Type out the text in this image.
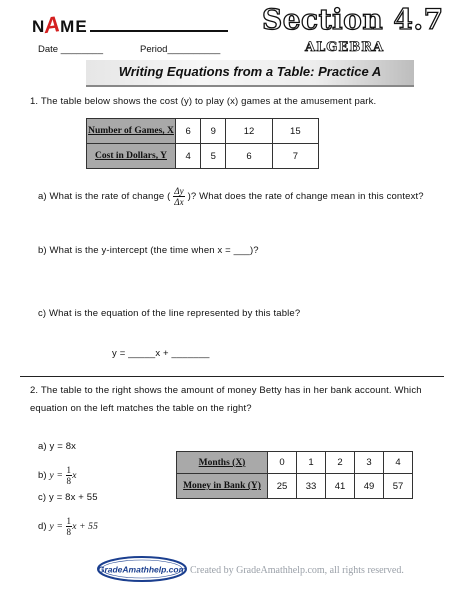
NAME
Date ________	Period__________
Section 4.7
ALGEBRA
Writing Equations from a Table: Practice A
1. The table below shows the cost (y) to play (x) games at the amusement park.
Number of Games, X	6	9	12	15
Cost in Dollars, Y	4	5	6	7
a) What is the rate of change ( $\frac{\Delta y}{\Delta x}$ )? What does the rate of change mean in this context?
b) What is the y-intercept (the time when x = ___)?
c) What is the equation of the line represented by this table?
y = _____x + _______
2. The table to the right shows the amount of money Betty has in her bank account. Which
equation on the left matches the table on the right?
a) y = 8x
b) $y = \frac{1}{8}$ x
c) y = 8x + 55
d) $y = \frac{1}{8}$ x + 55
Months (X)	0	1	2	3	4
Money in Bank (Y)	25	33	41	49	57
GradeAmathhelp.com Created by GradeAmathhelp.com, all rights reserved.
